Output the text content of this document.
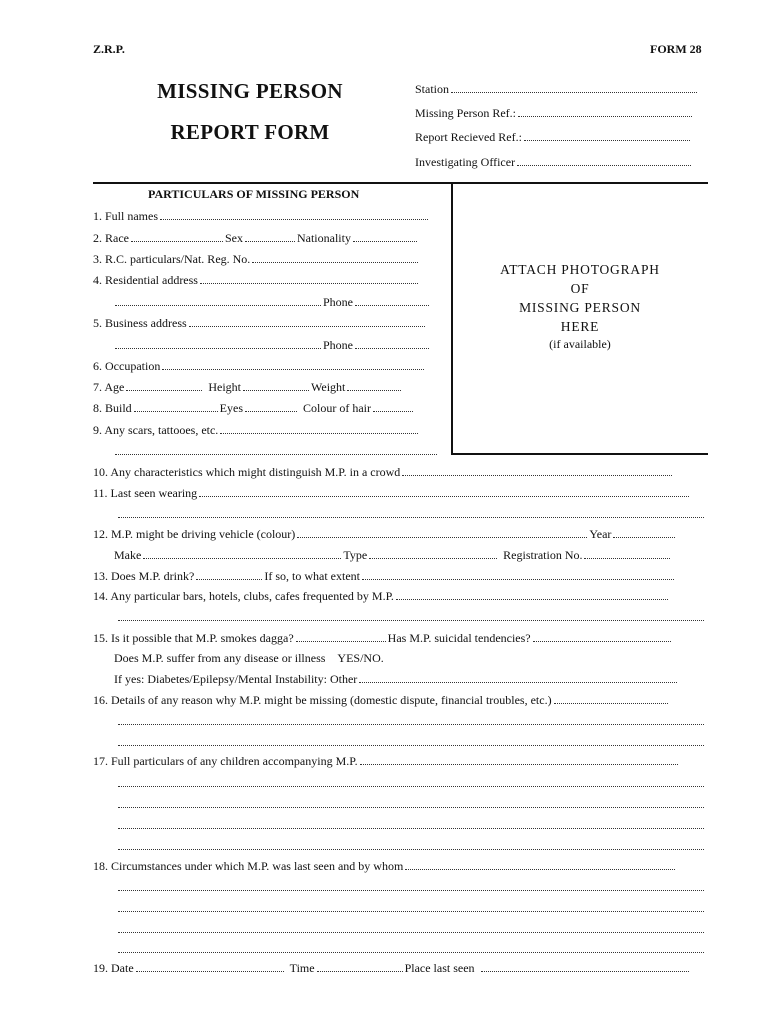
Z.R.P.	FORM 28
MISSING PERSON
REPORT FORM
Station
Missing Person Ref.:
Report Recieved Ref.:
Investigating Officer
PARTICULARS OF MISSING PERSON
1. Full names
2. Race	Sex	Nationality
3. R.C. particulars/Nat. Reg. No.
4. Residential address
Phone
5. Business address
Phone
6. Occupation
7. Age	Height	Weight
8. Build	Eyes	Colour of hair
9. Any scars, tattooes, etc.
ATTACH PHOTOGRAPH
OF
MISSING PERSON
HERE
(if available)
10. Any characteristics which might distinguish M.P. in a crowd
11. Last seen wearing
12. M.P. might be driving vehicle (colour)	Year
Make	Type	Registration No.
13. Does M.P. drink?	If so, to what extent
14. Any particular bars, hotels, clubs, cafes frequented by M.P.
15. Is it possible that M.P. smokes dagga?	Has M.P. suicidal tendencies?
Does M.P. suffer from any disease or illness YES/NO.
If yes: Diabetes/Epilepsy/Mental Instability: Other
16. Details of any reason why M.P. might be missing (domestic dispute, financial troubles, etc.)
17. Full particulars of any children accompanying M.P.
18. Circumstances under which M.P. was last seen and by whom
19. Date	Time	Place last seen
